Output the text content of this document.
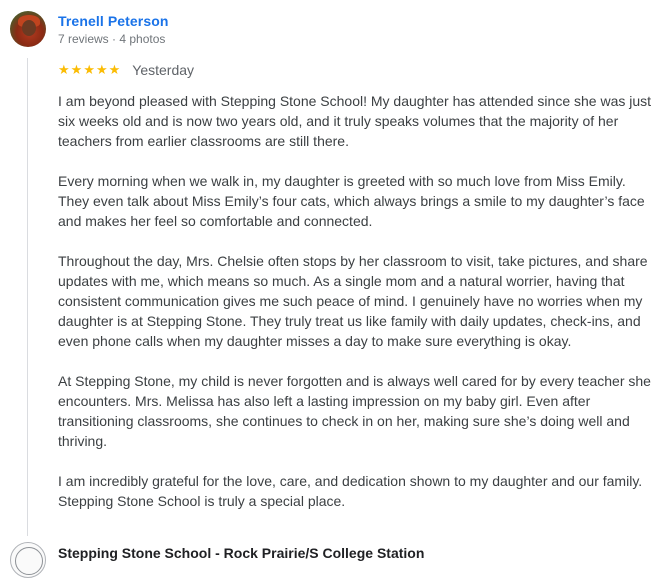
Trenell Peterson
7 reviews · 4 photos
★ ★ ★ ★ ★ Yesterday

I am beyond pleased with Stepping Stone School! My daughter has attended since she was just six weeks old and is now two years old, and it truly speaks volumes that the majority of her teachers from earlier classrooms are still there.

Every morning when we walk in, my daughter is greeted with so much love from Miss Emily. They even talk about Miss Emily’s four cats, which always brings a smile to my daughter’s face and makes her feel so comfortable and connected.

Throughout the day, Mrs. Chelsie often stops by her classroom to visit, take pictures, and share updates with me, which means so much. As a single mom and a natural worrier, having that consistent communication gives me such peace of mind. I genuinely have no worries when my daughter is at Stepping Stone. They truly treat us like family with daily updates, check-ins, and even phone calls when my daughter misses a day to make sure everything is okay.

At Stepping Stone, my child is never forgotten and is always well cared for by every teacher she encounters. Mrs. Melissa has also left a lasting impression on my baby girl. Even after transitioning classrooms, she continues to check in on her, making sure she’s doing well and thriving.

I am incredibly grateful for the love, care, and dedication shown to my daughter and our family. Stepping Stone School is truly a special place.

Stepping Stone School - Rock Prairie/S College Station
